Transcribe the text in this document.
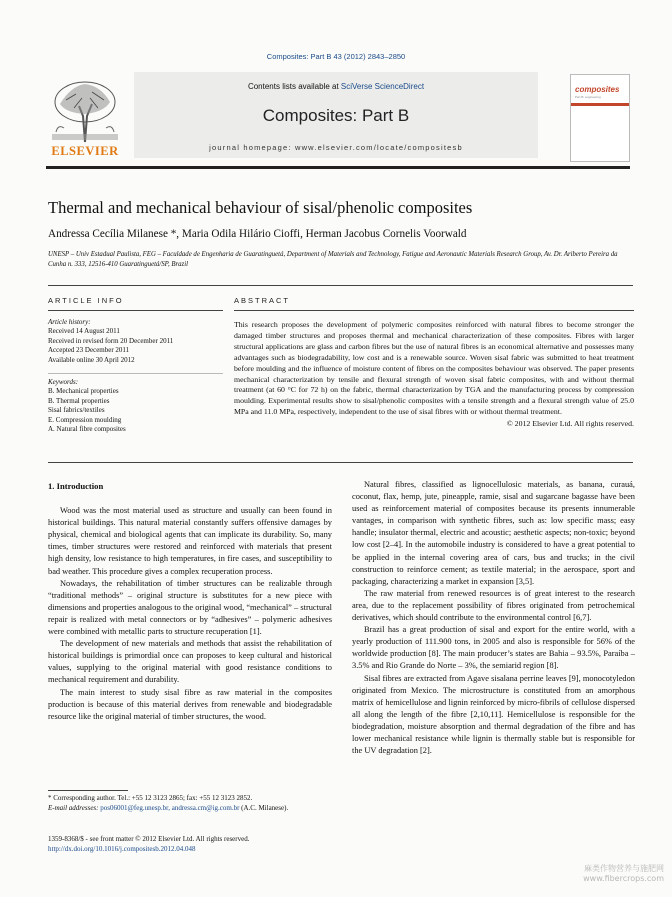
Composites: Part B 43 (2012) 2843–2850
ELSEVIER
Contents lists available at SciVerse ScienceDirect
Composites: Part B
journal homepage: www.elsevier.com/locate/compositesb
composites
Part B: engineering
Thermal and mechanical behaviour of sisal/phenolic composites
Andressa Cecília Milanese *, Maria Odila Hilário Cioffi, Herman Jacobus Cornelis Voorwald
UNESP – Univ Estadual Paulista, FEG – Faculdade de Engenharia de Guaratinguetá, Department of Materials and Technology, Fatigue and Aeronautic Materials Research Group, Av. Dr. Ariberto Pereira da Cunha n. 333, 12516-410 Guaratinguetá/SP, Brazil
ARTICLE INFO	ABSTRACT
Article history:
Received 14 August 2011
Received in revised form 20 December 2011
Accepted 23 December 2011
Available online 30 April 2012
Keywords:
B. Mechanical properties
B. Thermal properties
Sisal fabrics/textiles
E. Compression moulding
A. Natural fibre composites
This research proposes the development of polymeric composites reinforced with natural fibres to become stronger the damaged timber structures and proposes thermal and mechanical characterization of these composites. Fibres with larger structural applications are glass and carbon fibres but the use of natural fibres is an economical alternative and possesses many advantages such as biodegradability, low cost and is a renewable source. Woven sisal fabric was submitted to heat treatment before moulding and the influence of moisture content of fibres on the composites behaviour was observed. The paper presents mechanical characterization by tensile and flexural strength of woven sisal fabric composites, with and without thermal treatment (at 60 °C for 72 h) on the fabric, thermal characterization by TGA and the manufacturing process by compression moulding. Experimental results show to sisal/phenolic composites with a tensile strength and a flexural strength value of 25.0 MPa and 11.0 MPa, respectively, independent to the use of sisal fibres with or without thermal treatment.
© 2012 Elsevier Ltd. All rights reserved.
1. Introduction

Wood was the most material used as structure and usually can been found in historical buildings. This natural material constantly suffers offensive damages by physical, chemical and biological agents that can implicate its durability. So, many times, timber structures were restored and reinforced with materials that present high density, low resistance to high temperatures, in fire cases, and susceptibility to bad weather. This procedure gives a complex recuperation process.

Nowadays, the rehabilitation of timber structures can be realizable through “traditional methods” – original structure is substitutes for a new piece with dimensions and properties analogous to the original wood, “mechanical” – structural repair is realized with metal connectors or by “adhesives” – polymeric adhesives were combined with metallic parts to structure recuperation [1].

The development of new materials and methods that assist the rehabilitation of historical buildings is primordial once can proposes to keep cultural and historical values, supplying to the original material with good resistance conditions to mechanical requirement and durability.

The main interest to study sisal fibre as raw material in the composites production is because of this material derives from renewable and biodegradable resource like the original material of timber structures, the wood.

Natural fibres, classified as lignocellulosic materials, as banana, curauá, coconut, flax, hemp, jute, pineapple, ramie, sisal and sugarcane bagasse have been used as reinforcement material of composites because its presents innumerable vantages, in comparison with synthetic fibres, such as: low specific mass; easy handle; insulator thermal, electric and acoustic; aesthetic aspects; non-toxic; beyond low cost [2–4]. In the automobile industry is considered to have a great potential to be applied in the internal covering area of cars, bus and trucks; in the civil construction to reinforce cement; as textile material; in the aerospace, sport and packaging, characterizing a market in expansion [3,5].

The raw material from renewed resources is of great interest to the research area, due to the replacement possibility of fibres originated from petrochemical derivatives, which should contribute to the environmental control [6,7].

Brazil has a great production of sisal and export for the entire world, with a yearly production of 111.900 tons, in 2005 and also is responsible for 56% of the worldwide production [8]. The main producer’s states are Bahia – 93.5%, Paraíba – 3.5% and Rio Grande do Norte – 3%, the semiarid region [8].

Sisal fibres are extracted from Agave sisalana perrine leaves [9], monocotyledon originated from Mexico. The microstructure is constituted from an amorphous matrix of hemicellulose and lignin reinforced by micro-fibrils of cellulose dispersed all along the length of the fibre [2,10,11]. Hemicellulose is responsible for the biodegradation, moisture absorption and thermal degradation of the fibre and has lower mechanical resistance while lignin is thermally stable but is responsible for the UV degradation [2].

* Corresponding author. Tel.: +55 12 3123 2865; fax: +55 12 3123 2852.
E-mail addresses: pos06001@feg.unesp.br, andressa.cm@ig.com.br (A.C. Milanese).
1359-8368/$ - see front matter © 2012 Elsevier Ltd. All rights reserved.
http://dx.doi.org/10.1016/j.compositesb.2012.04.048
麻类作物营养与施肥网
www.fibercrops.com
